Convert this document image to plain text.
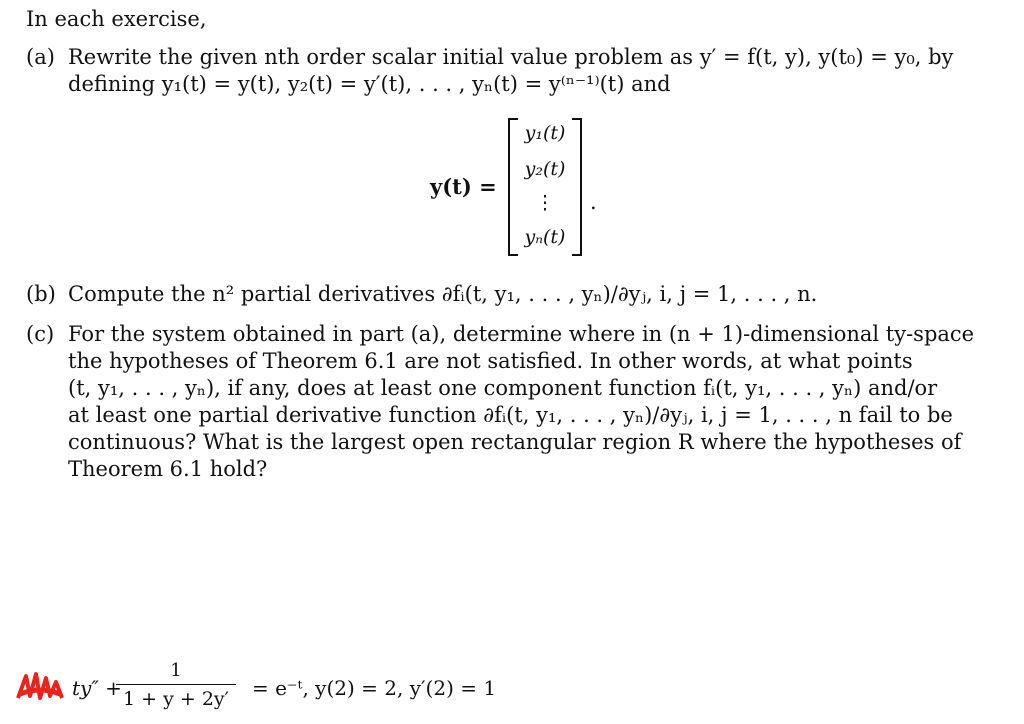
In each exercise,
(a) Rewrite the given nth order scalar initial value problem as y′ = f(t, y), y(t₀) = y₀, by
defining y₁(t) = y(t), y₂(t) = y′(t), . . . , yₙ(t) = y⁽ⁿ⁻¹⁾(t) and
y(t) =
y₁(t)
y₂(t)
⋮
yₙ(t)
.
(b) Compute the n² partial derivatives ∂fᵢ(t, y₁, . . . , yₙ)/∂yⱼ, i, j = 1, . . . , n.
(c) For the system obtained in part (a), determine where in (n + 1)-dimensional ty-space
the hypotheses of Theorem 6.1 are not satisfied. In other words, at what points
(t, y₁, . . . , yₙ), if any, does at least one component function fᵢ(t, y₁, . . . , yₙ) and/or
at least one partial derivative function ∂fᵢ(t, y₁, . . . , yₙ)/∂yⱼ, i, j = 1, . . . , n fail to be
continuous? What is the largest open rectangular region R where the hypotheses of
Theorem 6.1 hold?
ty″ +
1
1 + y + 2y′	= e⁻ᵗ, y(2) = 2, y′(2) = 1
